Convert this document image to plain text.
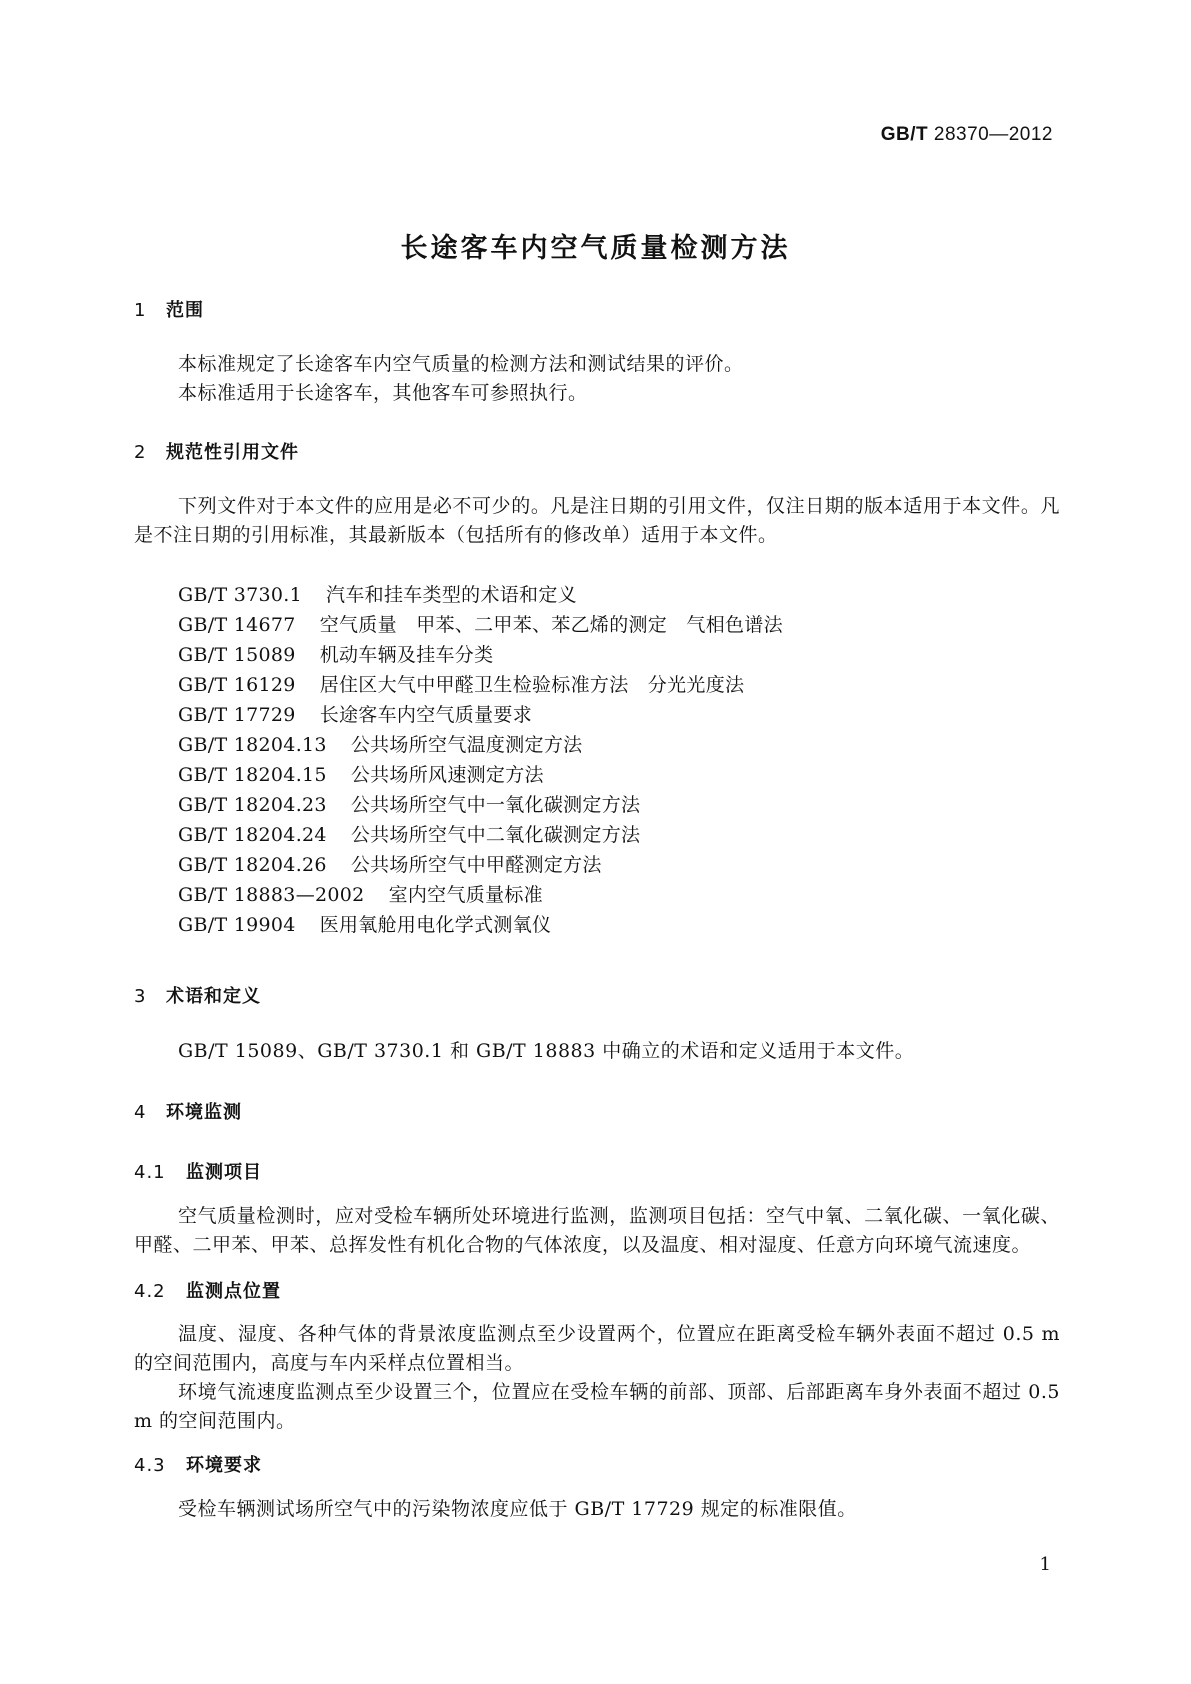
GB/T 28370—2012
长途客车内空气质量检测方法
1 范围

本标准规定了长途客车内空气质量的检测方法和测试结果的评价。

本标准适用于长途客车，其他客车可参照执行。

2 规范性引用文件

下列文件对于本文件的应用是必不可少的。凡是注日期的引用文件，仅注日期的版本适用于本文件。凡是不注日期的引用标准，其最新版本（包括所有的修改单）适用于本文件。

GB/T 3730.1 汽车和挂车类型的术语和定义
GB/T 14677 空气质量　甲苯、二甲苯、苯乙烯的测定　气相色谱法
GB/T 15089 机动车辆及挂车分类
GB/T 16129 居住区大气中甲醛卫生检验标准方法　分光光度法
GB/T 17729 长途客车内空气质量要求
GB/T 18204.13 公共场所空气温度测定方法
GB/T 18204.15 公共场所风速测定方法
GB/T 18204.23 公共场所空气中一氧化碳测定方法
GB/T 18204.24 公共场所空气中二氧化碳测定方法
GB/T 18204.26 公共场所空气中甲醛测定方法
GB/T 18883—2002 室内空气质量标准
GB/T 19904 医用氧舱用电化学式测氧仪
3 术语和定义

GB/T 15089、GB/T 3730.1 和 GB/T 18883 中确立的术语和定义适用于本文件。

4 环境监测
4.1 监测项目

空气质量检测时，应对受检车辆所处环境进行监测，监测项目包括：空气中氧、二氧化碳、一氧化碳、甲醛、二甲苯、甲苯、总挥发性有机化合物的气体浓度，以及温度、相对湿度、任意方向环境气流速度。

4.2 监测点位置

温度、湿度、各种气体的背景浓度监测点至少设置两个，位置应在距离受检车辆外表面不超过 0.5 m 的空间范围内，高度与车内采样点位置相当。

环境气流速度监测点至少设置三个，位置应在受检车辆的前部、顶部、后部距离车身外表面不超过 0.5 m 的空间范围内。

4.3 环境要求

受检车辆测试场所空气中的污染物浓度应低于 GB/T 17729 规定的标准限值。

1
